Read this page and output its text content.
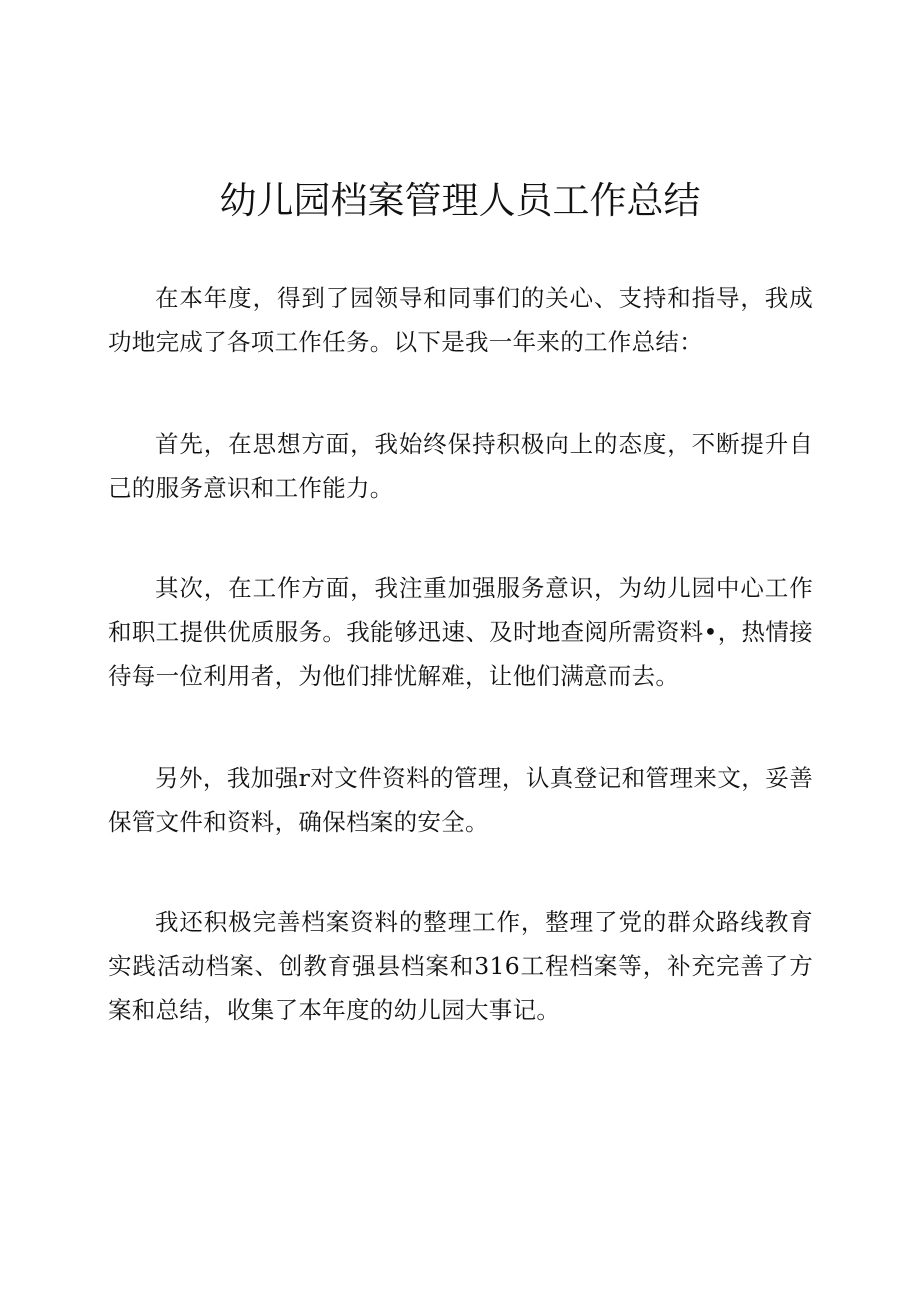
幼儿园档案管理人员工作总结

在本年度，得到了园领导和同事们的关心、支持和指导，我成功地完成了各项工作任务。以下是我一年来的工作总结：

首先，在思想方面，我始终保持积极向上的态度，不断提升自己的服务意识和工作能力。

其次，在工作方面，我注重加强服务意识，为幼儿园中心工作和职工提供优质服务。我能够迅速、及时地查阅所需资料•，热情接待每一位利用者，为他们排忧解难，让他们满意而去。

另外，我加强r对文件资料的管理，认真登记和管理来文，妥善保管文件和资料，确保档案的安全。

我还积极完善档案资料的整理工作，整理了党的群众路线教育实践活动档案、创教育强县档案和316工程档案等，补充完善了方案和总结，收集了本年度的幼儿园大事记。
